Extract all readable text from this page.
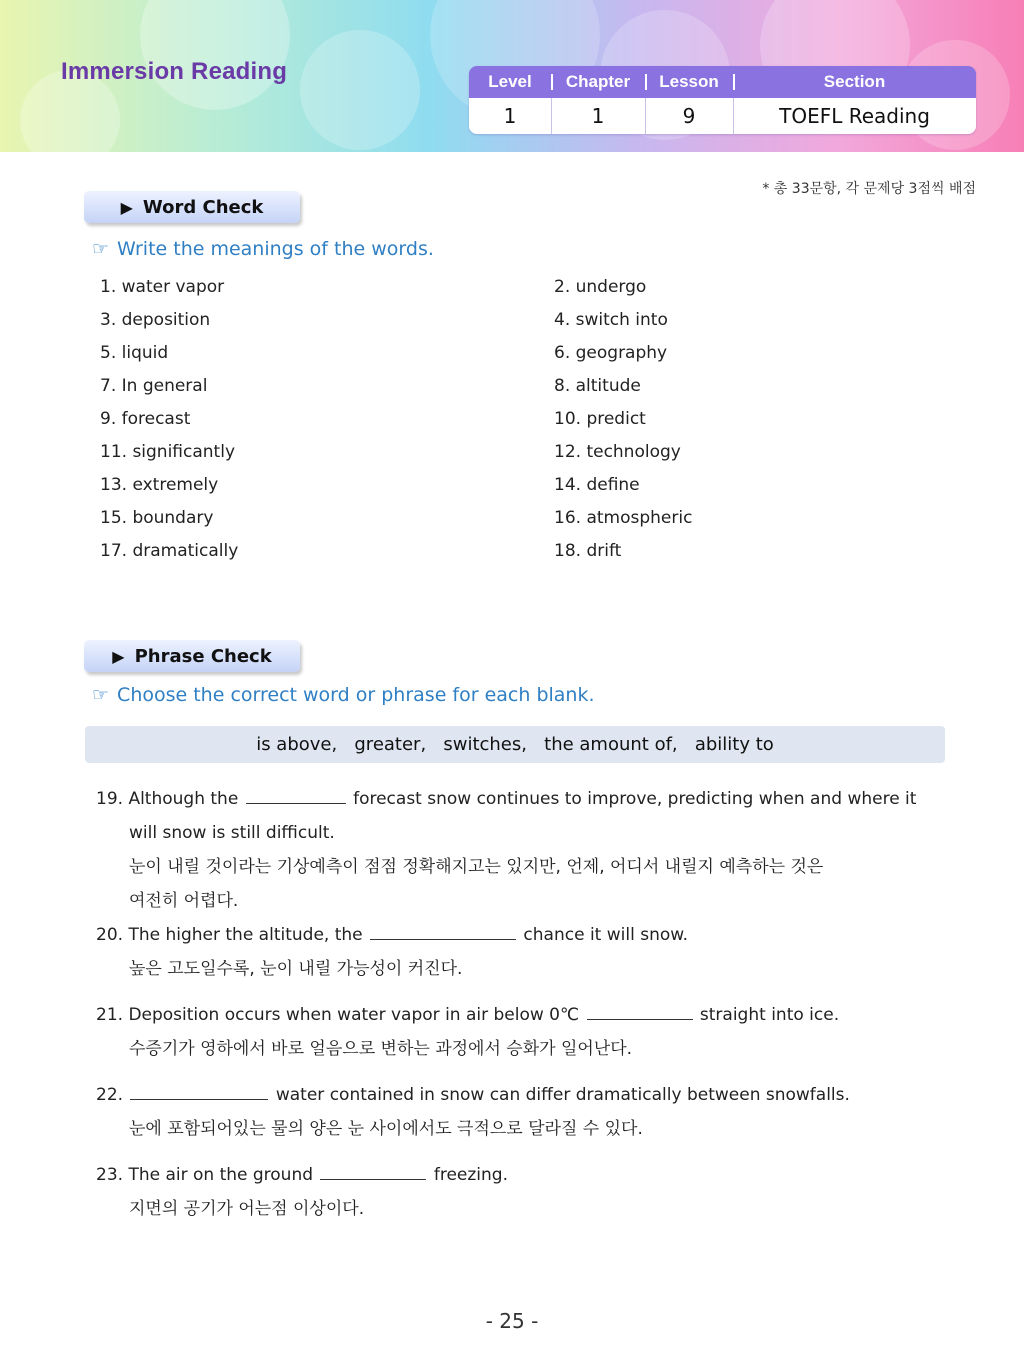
Immersion Reading	Level	Chapter	Lesson	Section
1	1	9	TOEFL Reading
* 총 33문항, 각 문제당 3점씩 배점
▶ Word Check
☞ Write the meanings of the words.
1. water vapor	2. undergo
3. deposition	4. switch into
5. liquid	6. geography
7. In general	8. altitude
9. forecast	10. predict
11. significantly	12. technology
13. extremely	14. define
15. boundary	16. atmospheric
17. dramatically	18. drift
▶ Phrase Check
☞ Choose the correct word or phrase for each blank.
is above,   greater,   switches,   the amount of,   ability to
19. Although the	forecast snow continues to improve, predicting when and where it
will snow is still difficult.
눈이 내릴 것이라는 기상예측이 점점 정확해지고는 있지만, 언제, 어디서 내릴지 예측하는 것은
여전히 어렵다.
20. The higher the altitude, the	chance it will snow.
높은 고도일수록, 눈이 내릴 가능성이 커진다.
21. Deposition occurs when water vapor in air below 0℃	straight into ice.
수증기가 영하에서 바로 얼음으로 변하는 과정에서 승화가 일어난다.
22.	water contained in snow can differ dramatically between snowfalls.
눈에 포함되어있는 물의 양은 눈 사이에서도 극적으로 달라질 수 있다.
23. The air on the ground	freezing.
지면의 공기가 어는점 이상이다.
- 25 -
